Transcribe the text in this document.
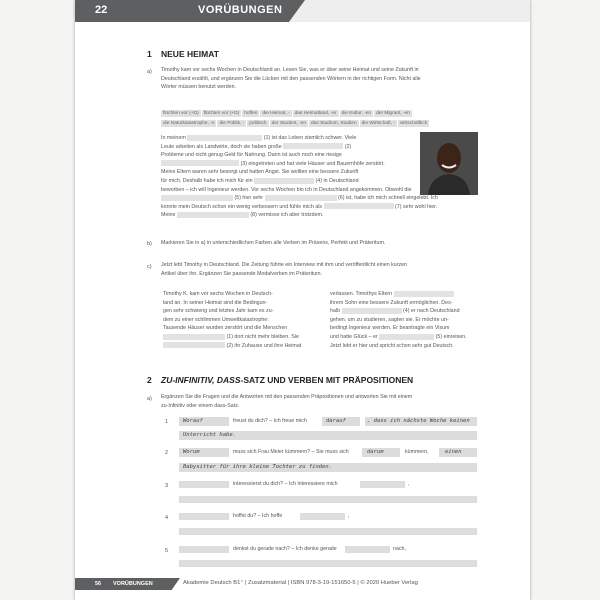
22	VORÜBUNGEN
1 NEUE HEIMAT
a) Timothy kam vor sechs Wochen in Deutschland an. Lesen Sie, was er über seine Heimat und seine Zukunft in
Deutschland erzählt, und ergänzen Sie die Lücken mit den passenden Wörtern in der richtigen Form. Nicht alle
Wörter müssen benutzt werden.
flüchten vor (+D) flüchten vor (+D) hoffen die Heimat, - das Heimatland, -er die Kultur, -en der Migrant, -en
die Naturkatastrophe, -n die Politik, - politisch der Student, -en das Studium, Studien die Wirtschaft, - wirtschaftlich
In meinem	(1) ist das Leben ziemlich schwer. Viele
Leute arbeiten als Landwirte, doch sie haben große	(2)
Probleme und nicht genug Geld für Nahrung. Dann ist auch noch eine riesige
(3) eingetreten und hat viele Häuser und Bauernhöfe zerstört.
Meine Eltern waren sehr besorgt und hatten Angst. Sie wollten eine bessere Zukunft
für mich. Deshalb habe ich mich für ein	(4) in Deutschland
beworben – ich will Ingenieur werden. Vor sechs Wochen bin ich in Deutschland angekommen. Obwohl die
(5) hier sehr	(6) ist, habe ich mich schnell eingelebt. Ich
konnte mein Deutsch schon ein wenig verbessern und fühle mich als	(7) sehr wohl hier.
Meine	(8) vermisse ich aber trotzdem.
b) Markieren Sie in a) in unterschiedlichen Farben alle Verben im Präsens, Perfekt und Präteritum.
c) Jetzt lebt Timothy in Deutschland. Die Zeitung führte ein Interview mit ihm und veröffentlicht einen kurzen
Artikel über ihn. Ergänzen Sie passende Modalverben im Präteritum.
Timothy K. kam vor sechs Wochen in Deutsch-
land an. In seiner Heimat sind die Bedingun-
gen sehr schwierig und letztes Jahr kam es zu-
dem zu einer schlimmen Umweltkatastrophe:
Tausende Häuser wurden zerstört und die Menschen
(1) dort nicht mehr bleiben. Sie
(2) ihr Zuhause und ihre Heimat
verlassen. Timothys Eltern
ihrem Sohn eine bessere Zukunft ermöglichen. Des-
halb	(4) er nach Deutschland
gehen, um zu studieren, sagten sie. Er möchte un-
bedingt Ingenieur werden. Er beantragte ein Visum
und hatte Glück – er	(5) einreisen.
Jetzt lebt er hier und spricht schon sehr gut Deutsch.
2 ZU-INFINITIV, DASS-SATZ UND VERBEN MIT PRÄPOSITIONEN
a) Ergänzen Sie die Fragen und die Antworten mit den passenden Präpositionen und antworten Sie mit einem
zu-Infinitiv oder einem dass-Satz.
1	Worauf	freust du dich? – Ich freue mich	darauf	, dass ich nächste Woche keinen
Unterricht habe.
2	Worum	muss sich Frau Meier kümmern? – Sie muss sich	darum	kümmern,	einen
Babysitter für ihre kleine Tochter zu finden.
3	interessierst du dich? – Ich interessiere mich	,
4	hoffst du? – Ich hoffe	,
5	denkst du gerade nach? – Ich denke gerade	nach,
56 VORÜBUNGEN	Akademie Deutsch B1⁺ | Zusatzmaterial | ISBN 978-3-19-151650-5 | © 2020 Hueber Verlag
